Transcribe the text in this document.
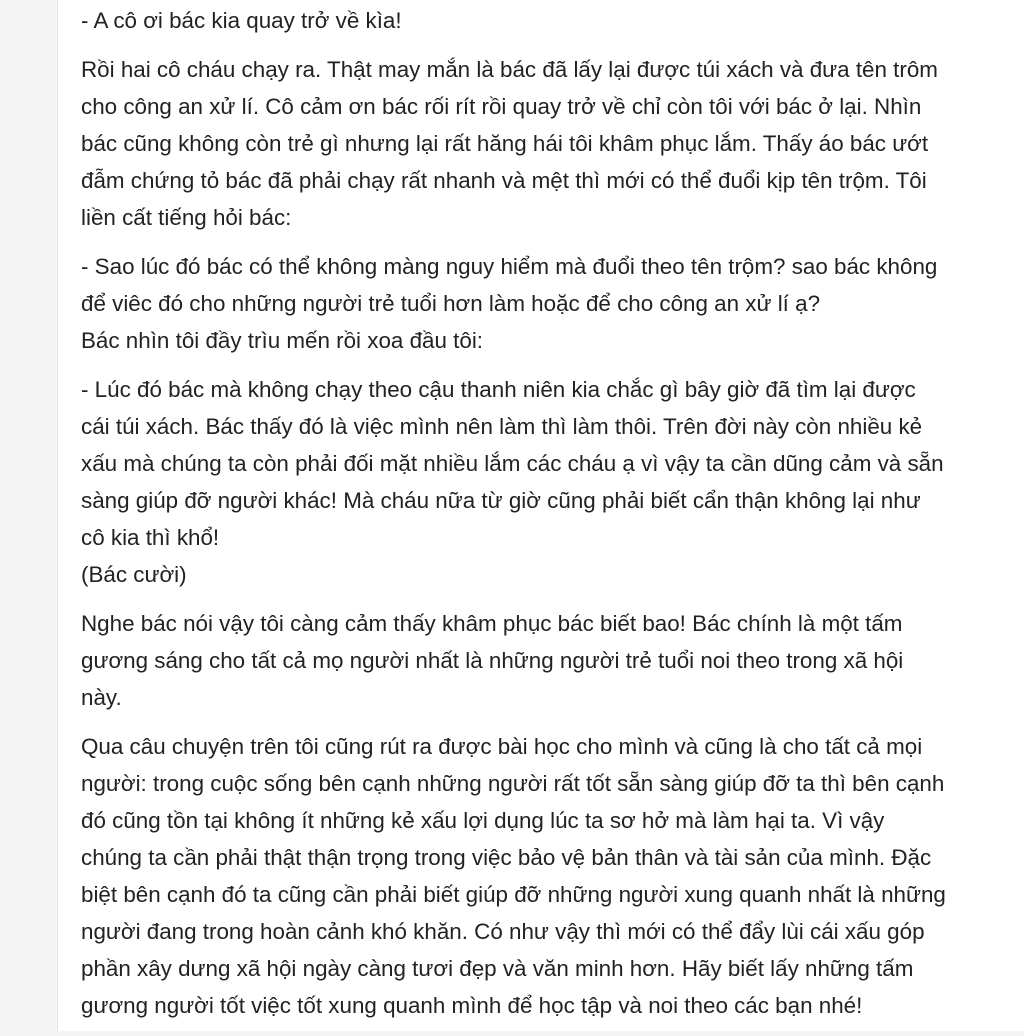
- A cô ơi bác kia quay trở về kìa!

Rồi hai cô cháu chạy ra. Thật may mắn là bác đã lấy lại được túi xách và đưa tên trôm

cho công an xử lí. Cô cảm ơn bác rối rít rồi quay trở về chỉ còn tôi với bác ở lại. Nhìn

bác cũng không còn trẻ gì nhưng lại rất hăng hái tôi khâm phục lắm. Thấy áo bác ướt

đẫm chứng tỏ bác đã phải chạy rất nhanh và mệt thì mới có thể đuổi kịp tên trộm. Tôi

liền cất tiếng hỏi bác:

- Sao lúc đó bác có thể không màng nguy hiểm mà đuổi theo tên trộm? sao bác không

để viêc đó cho những người trẻ tuổi hơn làm hoặc để cho công an xử lí ạ?

Bác nhìn tôi đầy trìu mến rồi xoa đầu tôi:

- Lúc đó bác mà không chạy theo cậu thanh niên kia chắc gì bây giờ đã tìm lại được

cái túi xách. Bác thấy đó là việc mình nên làm thì làm thôi. Trên đời này còn nhiều kẻ

xấu mà chúng ta còn phải đối mặt nhiều lắm các cháu ạ vì vậy ta cần dũng cảm và sẵn

sàng giúp đỡ người khác! Mà cháu nữa từ giờ cũng phải biết cẩn thận không lại như

cô kia thì khổ!

(Bác cười)

Nghe bác nói vậy tôi càng cảm thấy khâm phục bác biết bao! Bác chính là một tấm

gương sáng cho tất cả mọ người nhất là những người trẻ tuổi noi theo trong xã hội

này.

Qua câu chuyện trên tôi cũng rút ra được bài học cho mình và cũng là cho tất cả mọi

người: trong cuộc sống bên cạnh những người rất tốt sẵn sàng giúp đỡ ta thì bên cạnh

đó cũng tồn tại không ít những kẻ xấu lợi dụng lúc ta sơ hở mà làm hại ta. Vì vậy

chúng ta cần phải thật thận trọng trong việc bảo vệ bản thân và tài sản của mình. Đặc

biệt bên cạnh đó ta cũng cần phải biết giúp đỡ những người xung quanh nhất là những

người đang trong hoàn cảnh khó khăn. Có như vậy thì mới có thể đẩy lùi cái xấu góp

phần xây dưng xã hội ngày càng tươi đẹp và văn minh hơn. Hãy biết lấy những tấm

gương người tốt việc tốt xung quanh mình để học tập và noi theo các bạn nhé!
